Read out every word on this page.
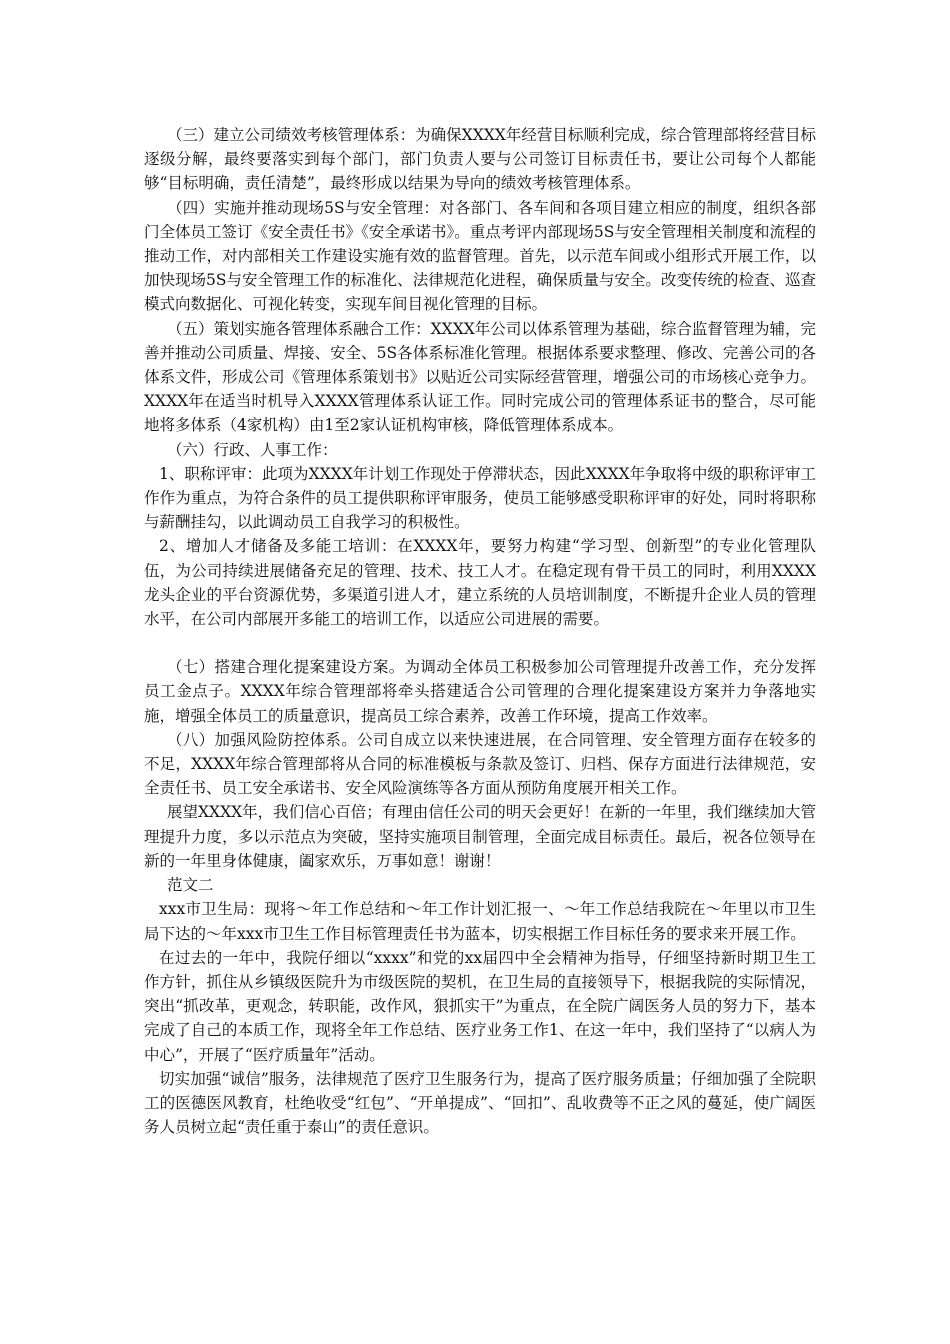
（三）建立公司绩效考核管理体系：为确保XXXX年经营目标顺利完成，综合管理部将经营目标逐级分解，最终要落实到每个部门，部门负责人要与公司签订目标责任书，要让公司每个人都能够“目标明确，责任清楚”，最终形成以结果为导向的绩效考核管理体系。

（四）实施并推动现场5S与安全管理：对各部门、各车间和各项目建立相应的制度，组织各部门全体员工签订《安全责任书》《安全承诺书》。重点考评内部现场5S与安全管理相关制度和流程的推动工作，对内部相关工作建设实施有效的监督管理。首先，以示范车间或小组形式开展工作，以加快现场5S与安全管理工作的标准化、法律规范化进程，确保质量与安全。改变传统的检查、巡查模式向数据化、可视化转变，实现车间目视化管理的目标。

（五）策划实施各管理体系融合工作：XXXX年公司以体系管理为基础，综合监督管理为辅，完善并推动公司质量、焊接、安全、5S各体系标准化管理。根据体系要求整理、修改、完善公司的各体系文件，形成公司《管理体系策划书》以贴近公司实际经营管理，增强公司的市场核心竞争力。XXXX年在适当时机导入XXXX管理体系认证工作。同时完成公司的管理体系证书的整合，尽可能地将多体系（4家机构）由1至2家认证机构审核，降低管理体系成本。

（六）行政、人事工作：

1、职称评审：此项为XXXX年计划工作现处于停滞状态，因此XXXX年争取将中级的职称评审工作作为重点，为符合条件的员工提供职称评审服务，使员工能够感受职称评审的好处，同时将职称与薪酬挂勾，以此调动员工自我学习的积极性。

2、增加人才储备及多能工培训：在XXXX年，要努力构建“学习型、创新型”的专业化管理队伍，为公司持续进展储备充足的管理、技术、技工人才。在稳定现有骨干员工的同时，利用XXXX龙头企业的平台资源优势，多渠道引进人才，建立系统的人员培训制度，不断提升企业人员的管理水平，在公司内部展开多能工的培训工作，以适应公司进展的需要。

（七）搭建合理化提案建设方案。为调动全体员工积极参加公司管理提升改善工作，充分发挥员工金点子。XXXX年综合管理部将牵头搭建适合公司管理的合理化提案建设方案并力争落地实施，增强全体员工的质量意识，提高员工综合素养，改善工作环境，提高工作效率。

（八）加强风险防控体系。公司自成立以来快速进展，在合同管理、安全管理方面存在较多的不足，XXXX年综合管理部将从合同的标准模板与条款及签订、归档、保存方面进行法律规范，安全责任书、员工安全承诺书、安全风险演练等各方面从预防角度展开相关工作。

展望XXXX年，我们信心百倍；有理由信任公司的明天会更好！在新的一年里，我们继续加大管理提升力度，多以示范点为突破，坚持实施项目制管理，全面完成目标责任。最后，祝各位领导在新的一年里身体健康，阖家欢乐，万事如意！谢谢！

范文二

xxx市卫生局：现将～年工作总结和～年工作计划汇报一、～年工作总结我院在～年里以市卫生局下达的～年xxx市卫生工作目标管理责任书为蓝本，切实根据工作目标任务的要求来开展工作。

在过去的一年中，我院仔细以“xxxx”和党的xx届四中全会精神为指导，仔细坚持新时期卫生工作方针，抓住从乡镇级医院升为市级医院的契机，在卫生局的直接领导下，根据我院的实际情况，突出“抓改革，更观念，转职能，改作风，狠抓实干”为重点，在全院广阔医务人员的努力下，基本完成了自己的本质工作，现将全年工作总结、医疗业务工作1、在这一年中，我们坚持了“以病人为中心”，开展了“医疗质量年”活动。

切实加强“诚信”服务，法律规范了医疗卫生服务行为，提高了医疗服务质量；仔细加强了全院职工的医德医风教育，杜绝收受“红包”、“开单提成”、“回扣”、乱收费等不正之风的蔓延，使广阔医务人员树立起“责任重于泰山”的责任意识。
